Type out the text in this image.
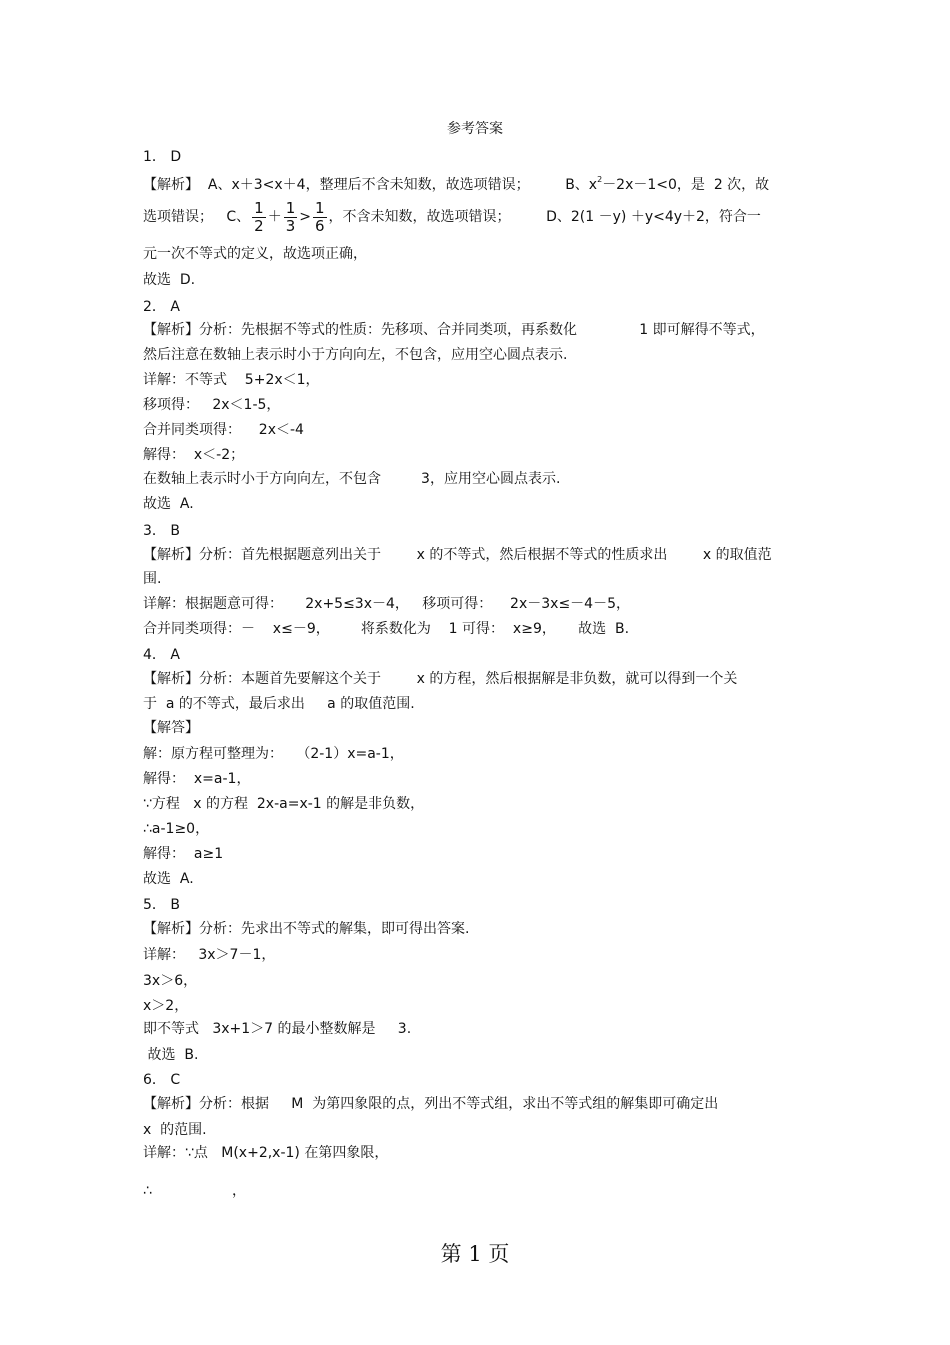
参考答案
1． D
【解析】  A、x＋3<x＋4，整理后不含未知数，故选项错误；        B、$x^2-2x-1<0$，是  2 次，故
选项错误；   C、 $\frac{1}{2} + \frac{1}{3} > \frac{1}{6}$ ，不含未知数，故选项错误；        D、2(1 －y) ＋y<4y＋2，符合一
元一次不等式的定义，故选项正确，
故选  D.
2． A
【解析】分析：先根据不等式的性质：先移项、合并同类项，再系数化              1 即可解得不等式，
然后注意在数轴上表示时小于方向向左，不包含，应用空心圆点表示.
详解：不等式    5+2x＜1，
移项得：   2x＜1-5，
合并同类项得：    2x＜-4
解得：  x＜-2；
在数轴上表示时小于方向向左，不包含         3，应用空心圆点表示.
故选  A.
3． B
【解析】分析：首先根据题意列出关于        x 的不等式，然后根据不等式的性质求出        x 的取值范
围.
详解：根据题意可得：     2x+5≤3x－4，   移项可得：    2x－3x≤－4－5，
合并同类项得：－    x≤－9，       将系数化为    1 可得：  x≥9，     故选  B.
4． A
【解析】分析：本题首先要解这个关于        x 的方程，然后根据解是非负数，就可以得到一个关
于  a 的不等式，最后求出     a 的取值范围.
【解答】
解：原方程可整理为：   （2-1）x=a-1，
解得：  x=a-1，
∵方程   x 的方程  2x-a=x-1 的解是非负数，
∴a-1≥0，
解得：  a≥1
故选  A.
5． B
【解析】分析：先求出不等式的解集，即可得出答案.
详解：   3x＞7－1，
3x＞6，
x＞2，
即不等式   3x+1＞7 的最小整数解是     3.
故选  B.
6． C
【解析】分析：根据     M  为第四象限的点，列出不等式组，求出不等式组的解集即可确定出
x  的范围.
详解：∵点   M(x+2,x-1) 在第四象限，
∴                  ，
第 1 页
